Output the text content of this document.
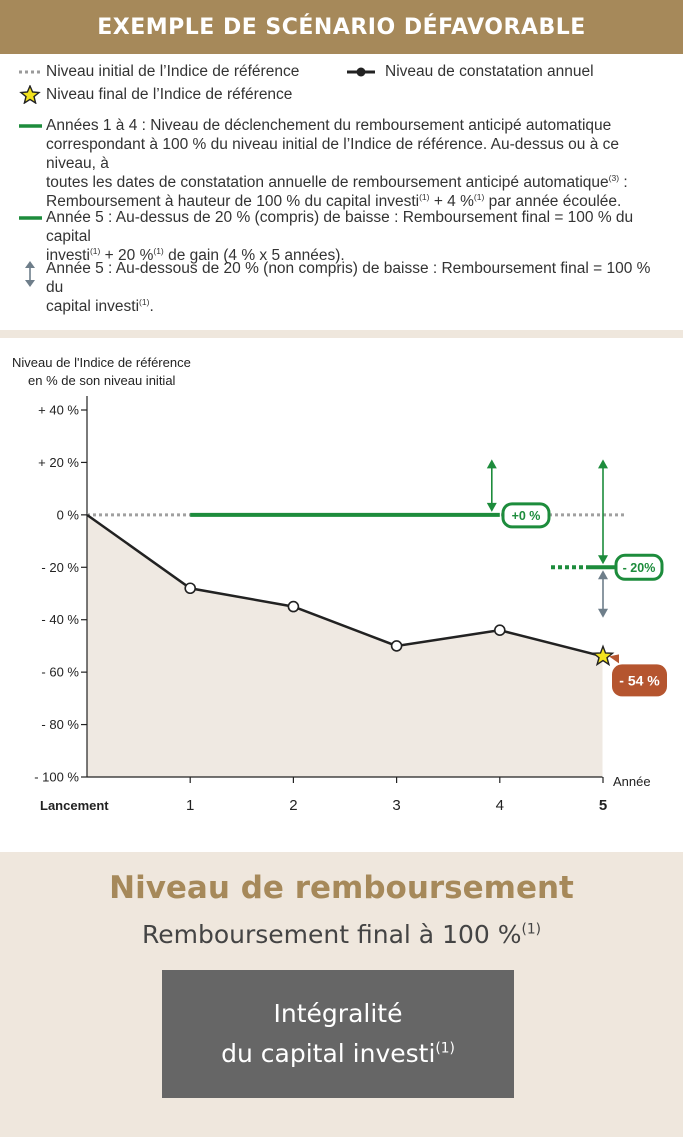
EXEMPLE DE SCÉNARIO DÉFAVORABLE
Niveau initial de l’Indice de référence	Niveau de constatation annuel
Niveau final de l’Indice de référence
Années 1 à 4 : Niveau de déclenchement du remboursement anticipé automatique
correspondant à 100 % du niveau initial de l’Indice de référence. Au-dessus ou à ce niveau, à
toutes les dates de constatation annuelle de remboursement anticipé automatique$^{(3)}$ :
Remboursement à hauteur de 100 % du capital investi$^{(1)}$ + 4 %$^{(1)}$ par année écoulée.
Année 5 : Au-dessus de 20 % (compris) de baisse : Remboursement final = 100 % du capital
investi$^{(1)}$ + 20 %$^{(1)}$ de gain (4 % x 5 années).
Année 5 : Au-dessous de 20 % (non compris) de baisse : Remboursement final = 100 % du
capital investi$^{(1)}$.
Niveau de l'Indice de référence
en % de son niveau initial
+ 40 %
+ 20 %
0 %
- 20 %
- 40 %
- 60 %
- 80 %
- 100 %
Lancement	1	2	3	4	5
Année
+0 %
- 20%
- 54 %
Niveau de remboursement
Remboursement final à 100 %$^{(1)}$
Intégralité
du capital investi$^{(1)}$
